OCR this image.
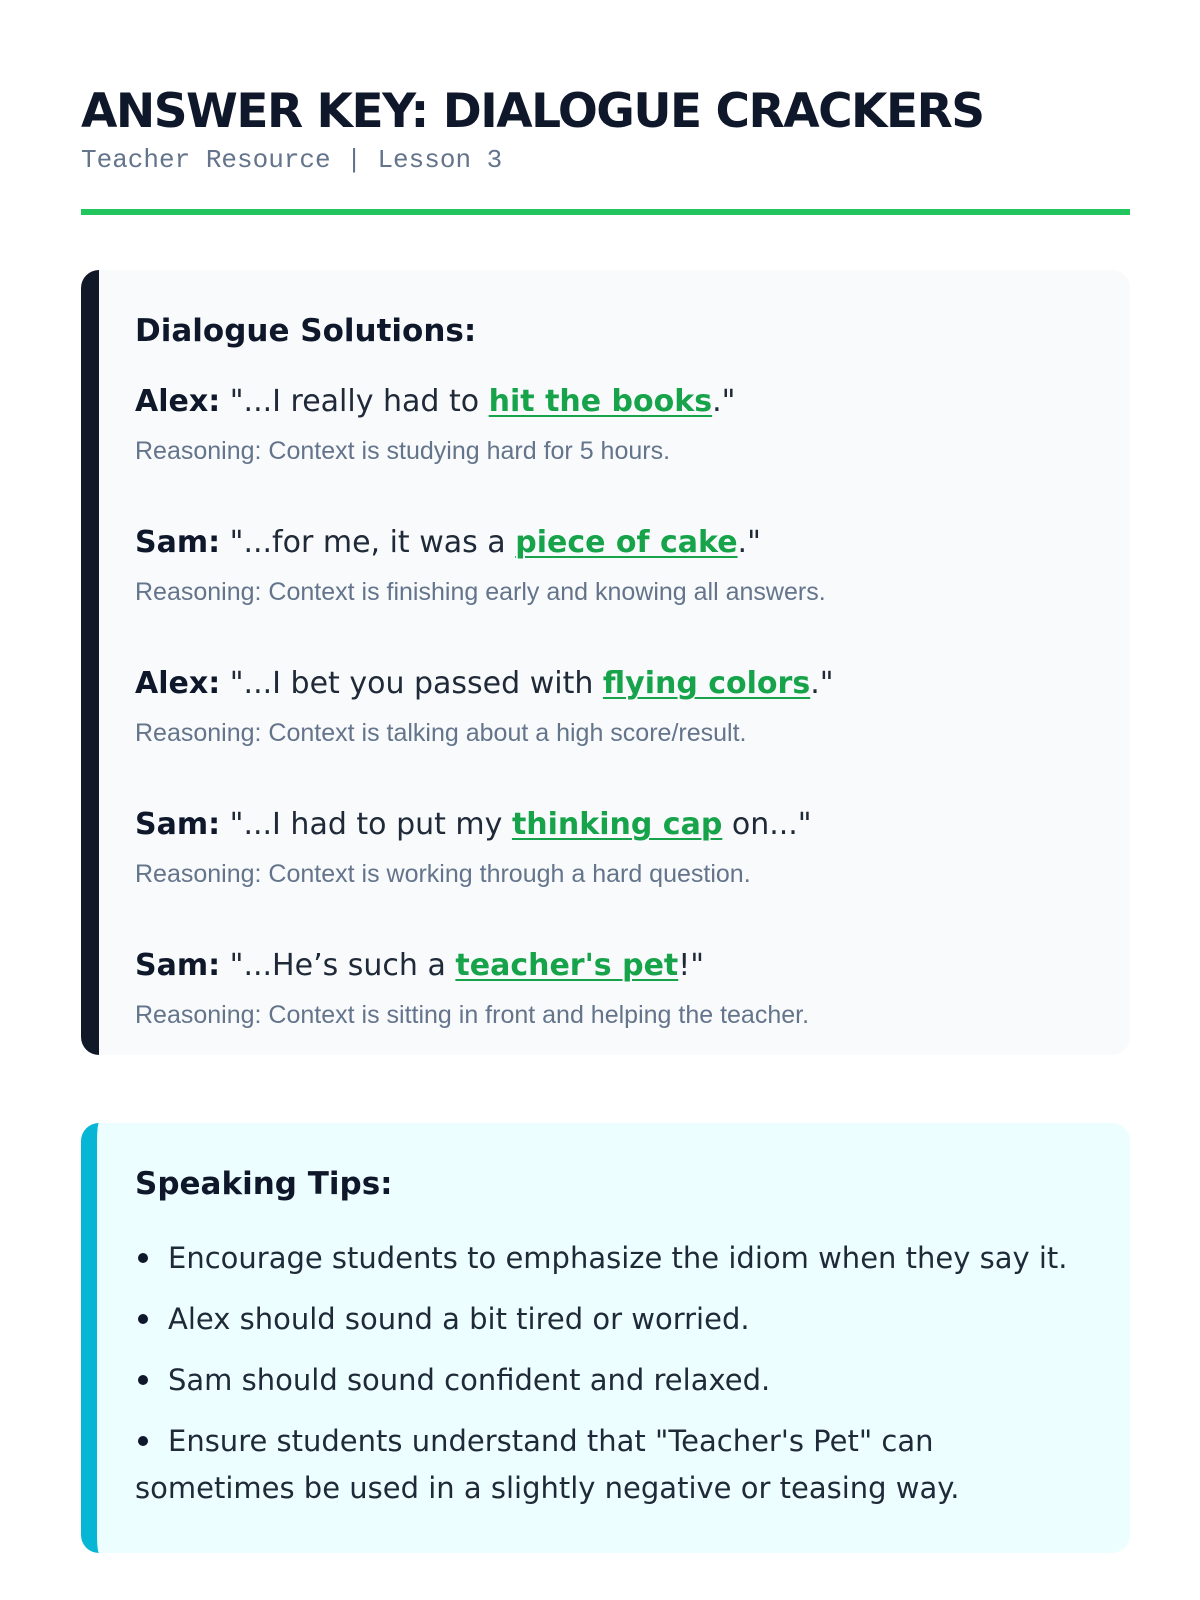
ANSWER KEY: DIALOGUE CRACKERS
Teacher Resource | Lesson 3
Dialogue Solutions:
Alex: "...I really had to hit the books."
Reasoning: Context is studying hard for 5 hours.
Sam: "...for me, it was a piece of cake."
Reasoning: Context is finishing early and knowing all answers.
Alex: "...I bet you passed with flying colors."
Reasoning: Context is talking about a high score/result.
Sam: "...I had to put my thinking cap on..."
Reasoning: Context is working through a hard question.
Sam: "...He’s such a teacher's pet!"
Reasoning: Context is sitting in front and helping the teacher.
Speaking Tips:
Encourage students to emphasize the idiom when they say it.
Alex should sound a bit tired or worried.
Sam should sound confident and relaxed.
Ensure students understand that "Teacher's Pet" can sometimes be used in a slightly negative or teasing way.
